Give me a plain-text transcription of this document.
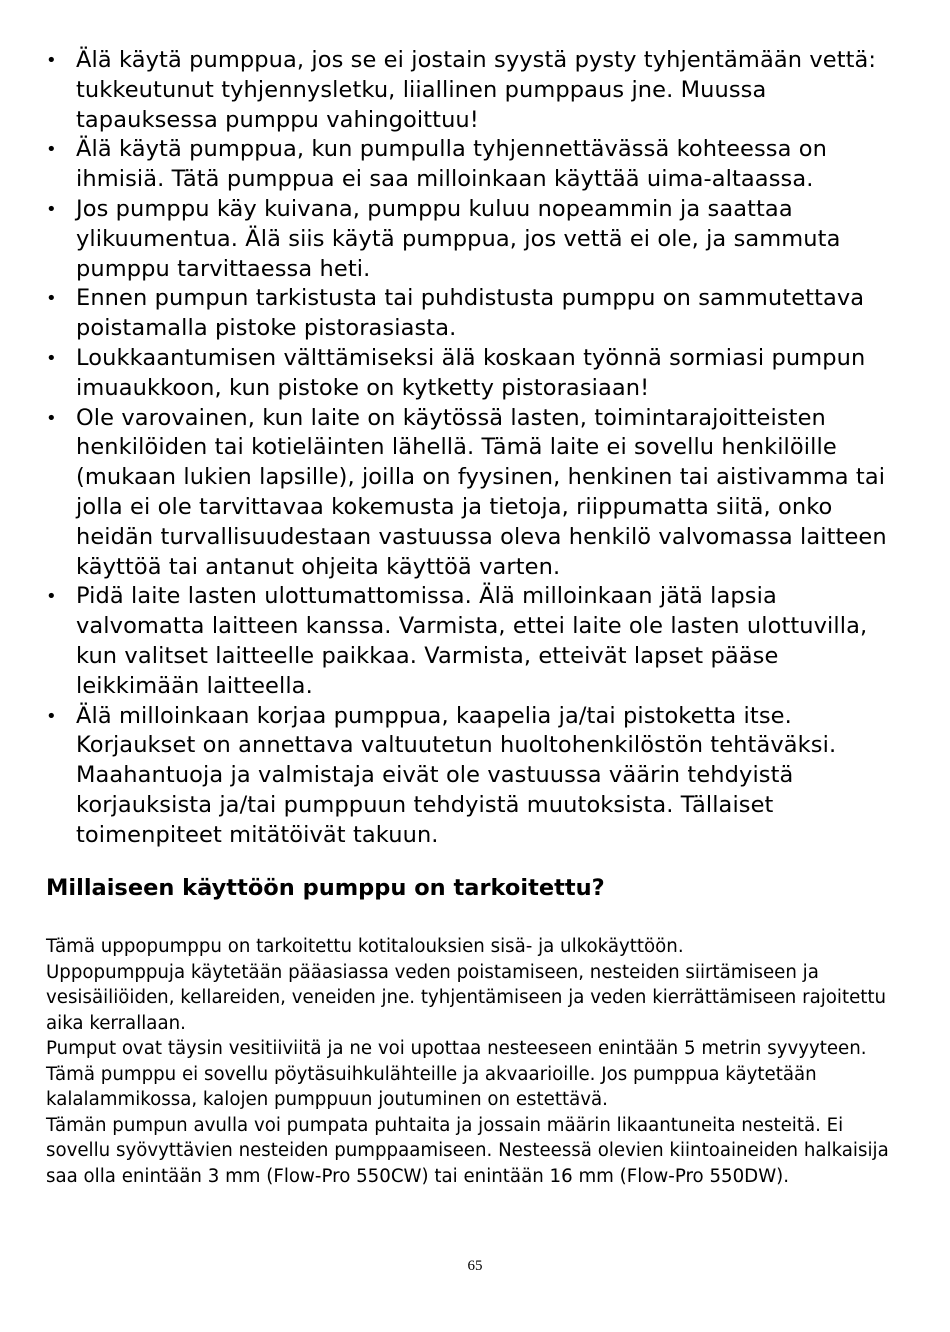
• Älä käytä pumppua, jos se ei jostain syystä pysty tyhjentämään vettä: tukkeutunut tyhjennysletku, liiallinen pumppaus jne. Muussa tapauksessa pumppu vahingoittuu!
• Älä käytä pumppua, kun pumpulla tyhjennettävässä kohteessa on ihmisiä. Tätä pumppua ei saa milloinkaan käyttää uima-altaassa.
• Jos pumppu käy kuivana, pumppu kuluu nopeammin ja saattaa ylikuumentua. Älä siis käytä pumppua, jos vettä ei ole, ja sammuta pumppu tarvittaessa heti.
• Ennen pumpun tarkistusta tai puhdistusta pumppu on sammutettava poistamalla pistoke pistorasiasta.
• Loukkaantumisen välttämiseksi älä koskaan työnnä sormiasi pumpun imuaukkoon, kun pistoke on kytketty pistorasiaan!
• Ole varovainen, kun laite on käytössä lasten, toimintarajoitteisten henkilöiden tai kotieläinten lähellä. Tämä laite ei sovellu henkilöille (mukaan lukien lapsille), joilla on fyysinen, henkinen tai aistivamma tai jolla ei ole tarvittavaa kokemusta ja tietoja, riippumatta siitä, onko heidän turvallisuudestaan vastuussa oleva henkilö valvomassa laitteen käyttöä tai antanut ohjeita käyttöä varten.
• Pidä laite lasten ulottumattomissa. Älä milloinkaan jätä lapsia valvomatta laitteen kanssa. Varmista, ettei laite ole lasten ulottuvilla, kun valitset laitteelle paikkaa. Varmista, etteivät lapset pääse leikkimään laitteella.
• Älä milloinkaan korjaa pumppua, kaapelia ja/tai pistoketta itse. Korjaukset on annettava valtuutetun huoltohenkilöstön tehtäväksi. Maahantuoja ja valmistaja eivät ole vastuussa väärin tehdyistä korjauksista ja/tai pumppuun tehdyistä muutoksista. Tällaiset toimenpiteet mitätöivät takuun.
Millaiseen käyttöön pumppu on tarkoitettu?

Tämä uppopumppu on tarkoitettu kotitalouksien sisä- ja ulkokäyttöön.

Uppopumppuja käytetään pääasiassa veden poistamiseen, nesteiden siirtämiseen ja vesisäiliöiden, kellareiden, veneiden jne. tyhjentämiseen ja veden kierrättämiseen rajoitettu aika kerrallaan.

Pumput ovat täysin vesitiiviitä ja ne voi upottaa nesteeseen enintään 5 metrin syvyyteen.

Tämä pumppu ei sovellu pöytäsuihkulähteille ja akvaarioille. Jos pumppua käytetään kalalammikossa, kalojen pumppuun joutuminen on estettävä.

Tämän pumpun avulla voi pumpata puhtaita ja jossain määrin likaantuneita nesteitä. Ei sovellu syövyttävien nesteiden pumppaamiseen. Nesteessä olevien kiintoaineiden halkaisija saa olla enintään 3 mm (Flow-Pro 550CW) tai enintään 16 mm (Flow-Pro 550DW).

65
